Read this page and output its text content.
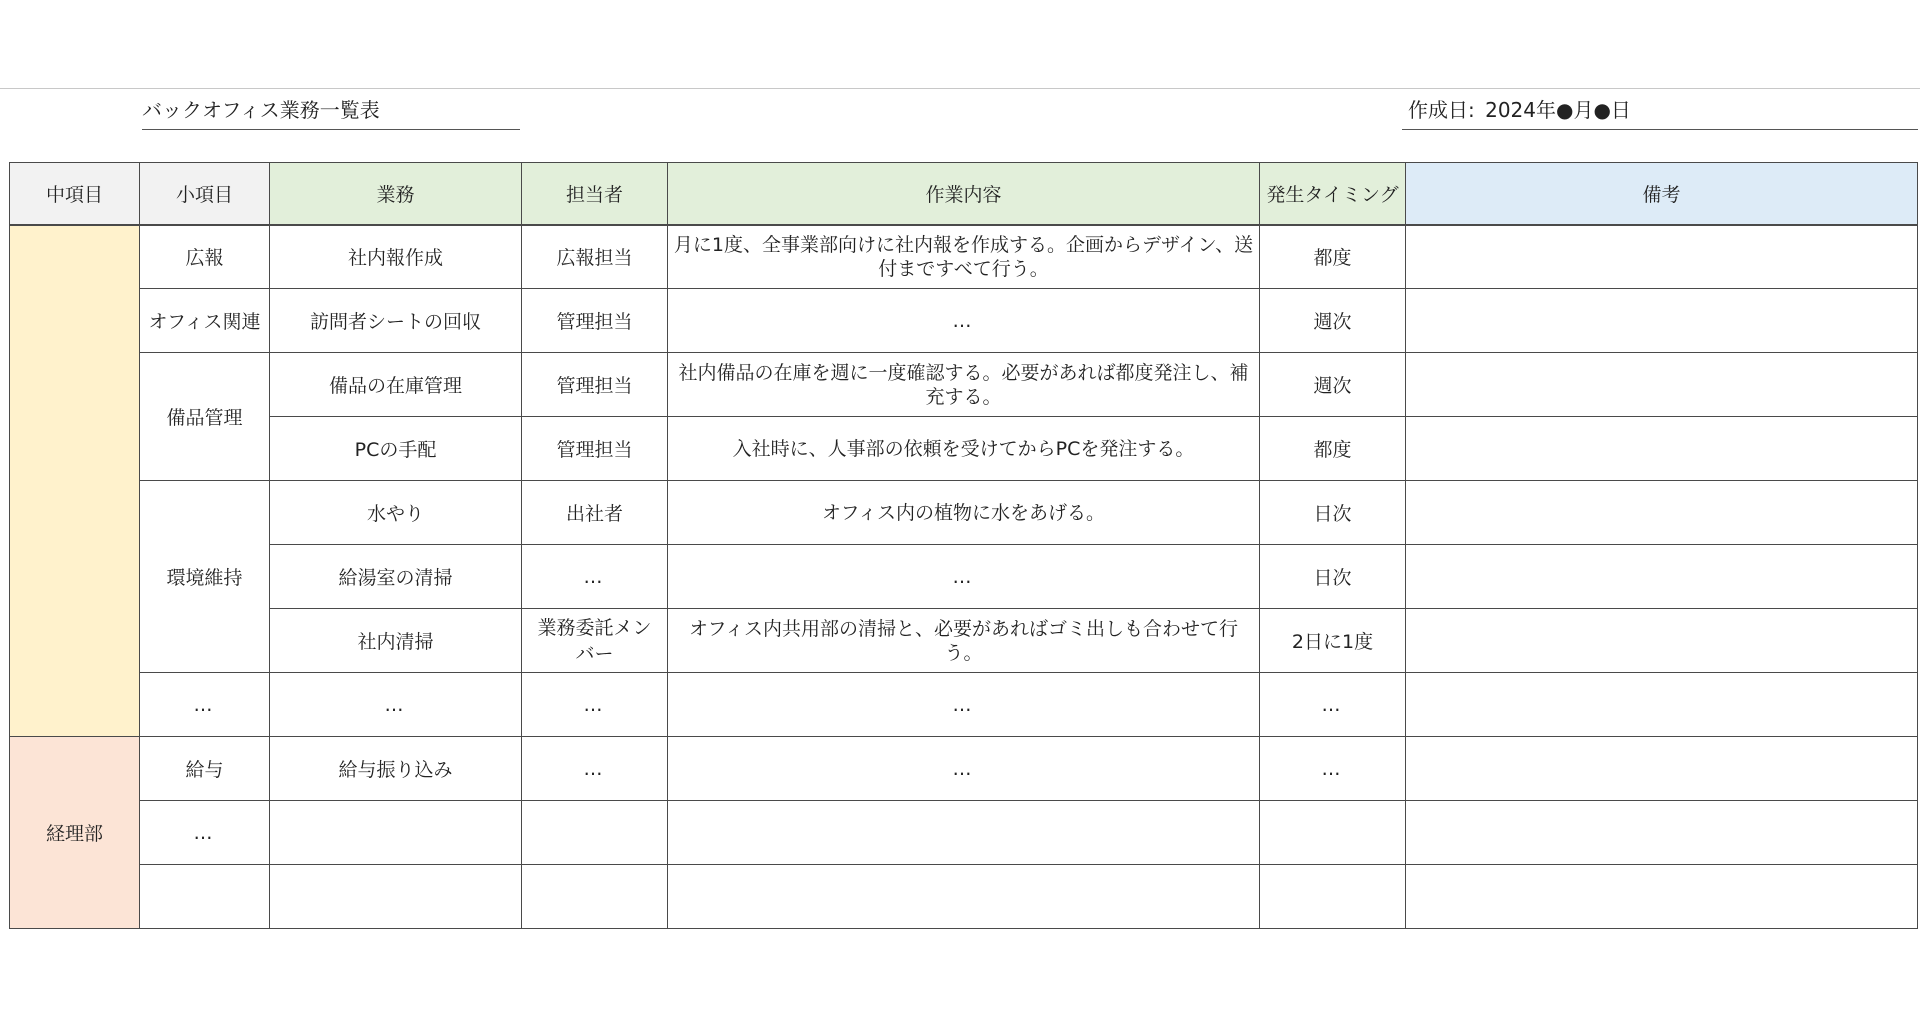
バックオフィス業務一覧表	作成日: 2024年●月●日
中項目	小項目	業務	担当者	作業内容	発生タイミング	備考
	広報	社内報作成	広報担当	月に1度、全事業部向けに社内報を作成する。企画からデザイン、送付まですべて行う。	都度	
	オフィス関連	訪問者シートの回収	管理担当	…	週次	
	備品管理	備品の在庫管理	管理担当	社内備品の在庫を週に一度確認する。必要があれば都度発注し、補充する。	週次	
		PCの手配	管理担当	入社時に、人事部の依頼を受けてからPCを発注する。	都度	
	環境維持	水やり	出社者	オフィス内の植物に水をあげる。	日次	
		給湯室の清掃	…	…	日次	
		社内清掃	業務委託メンバー	オフィス内共用部の清掃と、必要があればゴミ出しも合わせて行う。	2日に1度	
	…	…	…	…	…	
経理部	給与	給与振り込み	…	…	…	
	…					
